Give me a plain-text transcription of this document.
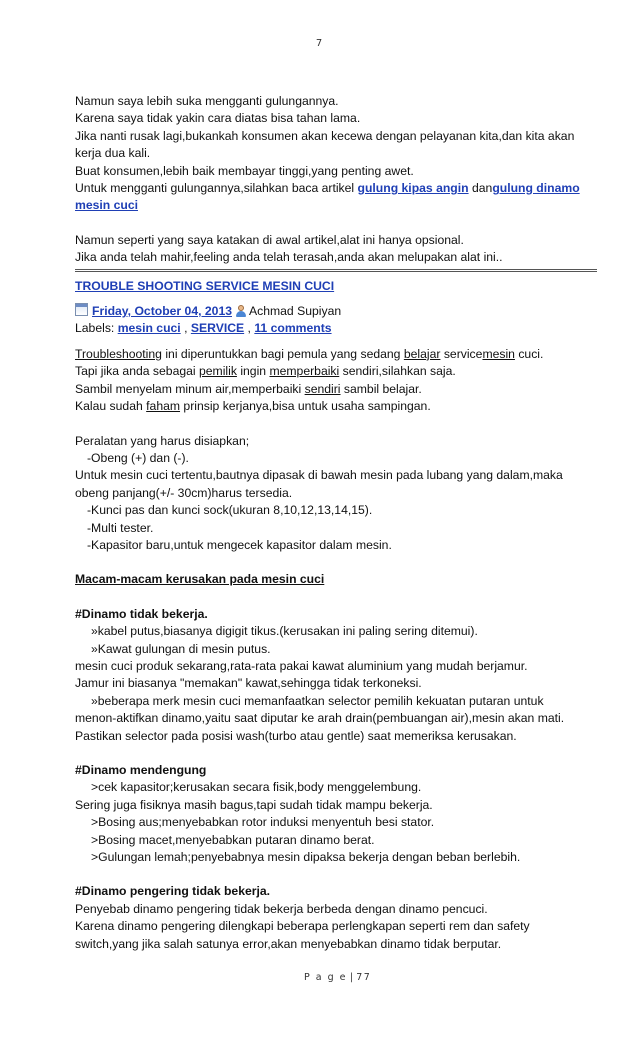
7

Namun saya lebih suka mengganti gulungannya.

Karena saya tidak yakin cara diatas bisa tahan lama.

Jika nanti rusak lagi,bukankah konsumen akan kecewa dengan pelayanan kita,dan kita akan

kerja dua kali.

Buat konsumen,lebih baik membayar tinggi,yang penting awet.

Untuk mengganti gulungannya,silahkan baca artikel gulung kipas angin dangulung dinamo

mesin cuci

Namun seperti yang saya katakan di awal artikel,alat ini hanya opsional.

Jika anda telah mahir,feeling anda telah terasah,anda akan melupakan alat ini..

TROUBLE SHOOTING SERVICE MESIN CUCI

Friday, October 04, 2013 Achmad Supiyan

Labels: mesin cuci , SERVICE , 11 comments

Troubleshooting ini diperuntukkan bagi pemula yang sedang belajar servicemesin cuci.

Tapi jika anda sebagai pemilik ingin memperbaiki sendiri,silahkan saja.

Sambil menyelam minum air,memperbaiki sendiri sambil belajar.

Kalau sudah faham prinsip kerjanya,bisa untuk usaha sampingan.

Peralatan yang harus disiapkan;

-Obeng (+) dan (-).

Untuk mesin cuci tertentu,bautnya dipasak di bawah mesin pada lubang yang dalam,maka

obeng panjang(+/- 30cm)harus tersedia.

-Kunci pas dan kunci sock(ukuran 8,10,12,13,14,15).

-Multi tester.

-Kapasitor baru,untuk mengecek kapasitor dalam mesin.

Macam-macam kerusakan pada mesin cuci

#Dinamo tidak bekerja.

»kabel putus,biasanya digigit tikus.(kerusakan ini paling sering ditemui).

»Kawat gulungan di mesin putus.

mesin cuci produk sekarang,rata-rata pakai kawat aluminium yang mudah berjamur.

Jamur ini biasanya "memakan" kawat,sehingga tidak terkoneksi.

»beberapa merk mesin cuci memanfaatkan selector pemilih kekuatan putaran untuk

menon-aktifkan dinamo,yaitu saat diputar ke arah drain(pembuangan air),mesin akan mati.

Pastikan selector pada posisi wash(turbo atau gentle) saat memeriksa kerusakan.

#Dinamo mendengung

>cek kapasitor;kerusakan secara fisik,body menggelembung.

Sering juga fisiknya masih bagus,tapi sudah tidak mampu bekerja.

>Bosing aus;menyebabkan rotor induksi menyentuh besi stator.

>Bosing macet,menyebabkan putaran dinamo berat.

>Gulungan lemah;penyebabnya mesin dipaksa bekerja dengan beban berlebih.

#Dinamo pengering tidak bekerja.

Penyebab dinamo pengering tidak bekerja berbeda dengan dinamo pencuci.

Karena dinamo pengering dilengkapi beberapa perlengkapan seperti rem dan safety

switch,yang jika salah satunya error,akan menyebabkan dinamo tidak berputar.

P a g e | 77
